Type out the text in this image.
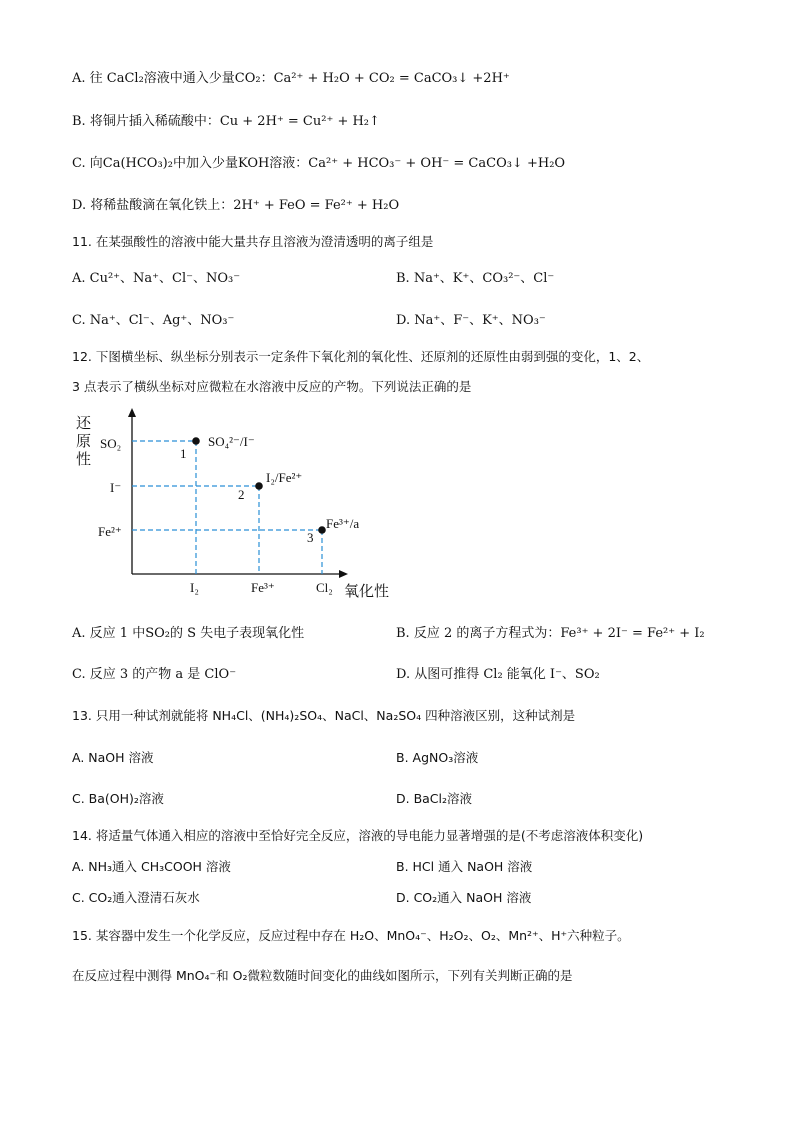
A. 往 CaCl₂溶液中通入少量CO₂：Ca²⁺ + H₂O + CO₂ = CaCO₃↓ +2H⁺
B. 将铜片插入稀硫酸中：Cu + 2H⁺ = Cu²⁺ + H₂↑
C. 向Ca(HCO₃)₂中加入少量KOH溶液：Ca²⁺ + HCO₃⁻ + OH⁻ = CaCO₃↓ +H₂O
D. 将稀盐酸滴在氧化铁上：2H⁺ + FeO = Fe²⁺ + H₂O
11. 在某强酸性的溶液中能大量共存且溶液为澄清透明的离子组是
A. Cu²⁺、Na⁺、Cl⁻、NO₃⁻	B. Na⁺、K⁺、CO₃²⁻、Cl⁻
C. Na⁺、Cl⁻、Ag⁺、NO₃⁻	D. Na⁺、F⁻、K⁺、NO₃⁻
12. 下图横坐标、纵坐标分别表示一定条件下氧化剂的氧化性、还原剂的还原性由弱到强的变化，1、2、
3 点表示了横纵坐标对应微粒在水溶液中反应的产物。下列说法正确的是
还
原
性
SO₂
I⁻
Fe²⁺
I₂	Fe³⁺	Cl₂ 氧化性
1
SO₄²⁻/I⁻
2
I₂/Fe²⁺
3
Fe³⁺/a
A. 反应 1 中SO₂的 S 失电子表现氧化性	B. 反应 2 的离子方程式为：Fe³⁺ + 2I⁻ = Fe²⁺ + I₂
C. 反应 3 的产物 a 是 ClO⁻	D. 从图可推得 Cl₂ 能氧化 I⁻、SO₂
13. 只用一种试剂就能将 NH₄Cl、(NH₄)₂SO₄、NaCl、Na₂SO₄ 四种溶液区别，这种试剂是
A. NaOH 溶液	B. AgNO₃溶液
C. Ba(OH)₂溶液	D. BaCl₂溶液
14. 将适量气体通入相应的溶液中至恰好完全反应，溶液的导电能力显著增强的是(不考虑溶液体积变化)
A. NH₃通入 CH₃COOH 溶液	B. HCl 通入 NaOH 溶液
C. CO₂通入澄清石灰水	D. CO₂通入 NaOH 溶液
15. 某容器中发生一个化学反应，反应过程中存在 H₂O、MnO₄⁻、H₂O₂、O₂、Mn²⁺、H⁺六种粒子。
在反应过程中测得 MnO₄⁻和 O₂微粒数随时间变化的曲线如图所示，下列有关判断正确的是
